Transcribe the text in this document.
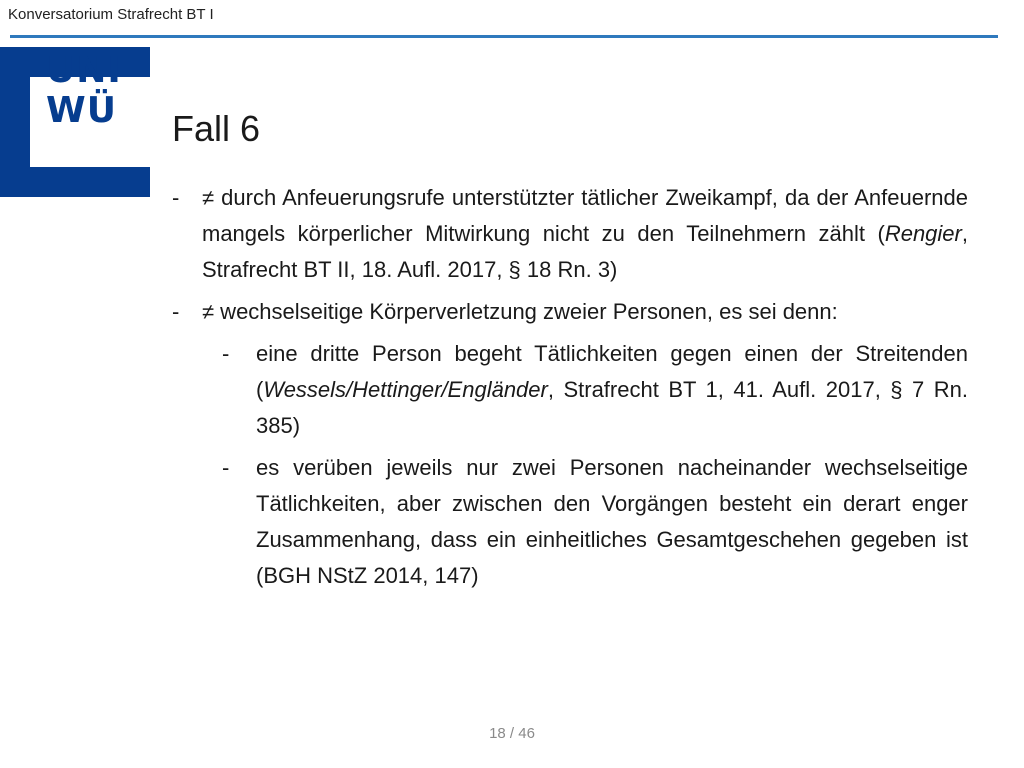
Konversatorium Strafrecht BT I
UNI
WÜ Fall 6
-	≠ durch Anfeuerungsrufe unterstützter tätlicher Zweikampf, da der Anfeuernde mangels körperlicher Mitwirkung nicht zu den Teilnehmern zählt (Rengier, Strafrecht BT II, 18. Aufl. 2017, § 18 Rn. 3)
-	≠ wechselseitige Körperverletzung zweier Personen, es sei denn:
-	eine dritte Person begeht Tätlichkeiten gegen einen der Streitenden (Wessels/Hettinger/Engländer, Strafrecht BT 1, 41. Aufl. 2017, § 7 Rn. 385)
-	es verüben jeweils nur zwei Personen nacheinander wechselseitige Tätlichkeiten, aber zwischen den Vorgängen besteht ein derart enger Zusammenhang, dass ein einheitliches Gesamtgeschehen gegeben ist (BGH NStZ 2014, 147)
18 / 46
